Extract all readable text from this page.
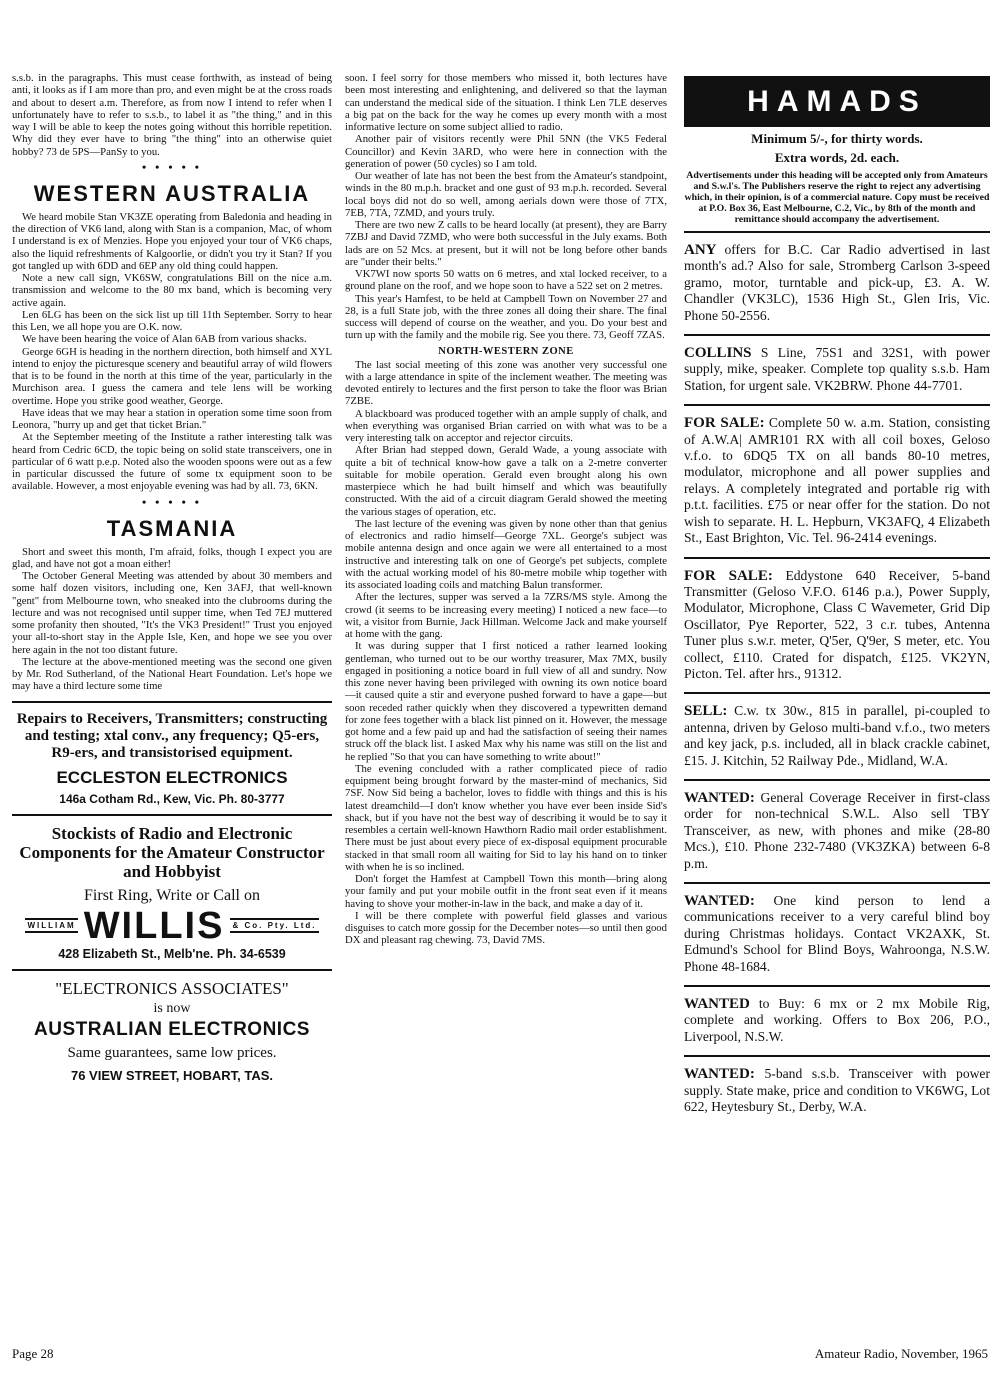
s.s.b. in the paragraphs. This must cease forthwith, as instead of being anti, it looks as if I am more than pro, and even might be at the cross roads and about to desert a.m. Therefore, as from now I intend to refer when I unfortunately have to refer to s.s.b., to label it as "the thing," and in this way I will be able to keep the notes going without this horrible repetition. Why did they ever have to bring "the thing" into an otherwise quiet hobby? 73 de 5PS—PanSy to you.

• • • • •
WESTERN AUSTRALIA

We heard mobile Stan VK3ZE operating from Baledonia and heading in the direction of VK6 land, along with Stan is a companion, Mac, of whom I understand is ex of Menzies. Hope you enjoyed your tour of VK6 chaps, also the liquid refreshments of Kalgoorlie, or didn't you try it Stan? If you got tangled up with 6DD and 6EP any old thing could happen.

Note a new call sign, VK6SW, congratulations Bill on the nice a.m. transmission and welcome to the 80 mx band, which is becoming very active again.

Len 6LG has been on the sick list up till 11th September. Sorry to hear this Len, we all hope you are O.K. now.

We have been hearing the voice of Alan 6AB from various shacks.

George 6GH is heading in the northern direction, both himself and XYL intend to enjoy the picturesque scenery and beautiful array of wild flowers that is to be found in the north at this time of the year, particularly in the Murchison area. I guess the camera and tele lens will be working overtime. Hope you strike good weather, George.

Have ideas that we may hear a station in operation some time soon from Leonora, "hurry up and get that ticket Brian."

At the September meeting of the Institute a rather interesting talk was heard from Cedric 6CD, the topic being on solid state transceivers, one in particular of 6 watt p.e.p. Noted also the wooden spoons were out as a few in particular discussed the future of some tx equipment soon to be available. However, a most enjoyable evening was had by all. 73, 6KN.

• • • • •
TASMANIA

Short and sweet this month, I'm afraid, folks, though I expect you are glad, and have not got a moan either!

The October General Meeting was attended by about 30 members and some half dozen visitors, including one, Ken 3AFJ, that well-known "gent" from Melbourne town, who sneaked into the clubrooms during the lecture and was not recognised until supper time, when Ted 7EJ muttered some profanity then shouted, "It's the VK3 President!" Trust you enjoyed your all-to-short stay in the Apple Isle, Ken, and hope we see you over here again in the not too distant future.

The lecture at the above-mentioned meeting was the second one given by Mr. Rod Sutherland, of the National Heart Foundation. Let's hope we may have a third lecture some time

Repairs to Receivers, Transmitters; constructing and testing; xtal conv., any frequency; Q5-ers, R9-ers, and transistorised equipment.
ECCLESTON ELECTRONICS
146a Cotham Rd., Kew, Vic. Ph. 80-3777
Stockists of Radio and Electronic Components for the Amateur Constructor and Hobbyist
First Ring, Write or Call on
WILLIAM WILLIS & Co. Pty. Ltd.
428 Elizabeth St., Melb'ne. Ph. 34-6539
"ELECTRONICS ASSOCIATES"
is now
AUSTRALIAN ELECTRONICS
Same guarantees, same low prices.
76 VIEW STREET, HOBART, TAS.

soon. I feel sorry for those members who missed it, both lectures have been most interesting and enlightening, and delivered so that the layman can understand the medical side of the situation. I think Len 7LE deserves a big pat on the back for the way he comes up every month with a most informative lecture on some subject allied to radio.

Another pair of visitors recently were Phil 5NN (the VK5 Federal Councillor) and Kevin 3ARD, who were here in connection with the generation of power (50 cycles) so I am told.

Our weather of late has not been the best from the Amateur's standpoint, winds in the 80 m.p.h. bracket and one gust of 93 m.p.h. recorded. Several local boys did not do so well, among aerials down were those of 7TX, 7EB, 7TA, 7ZMD, and yours truly.

There are two new Z calls to be heard locally (at present), they are Barry 7ZBJ and David 7ZMD, who were both successful in the July exams. Both lads are on 52 Mcs. at present, but it will not be long before other bands are "under their belts."

VK7WI now sports 50 watts on 6 metres, and xtal locked receiver, to a ground plane on the roof, and we hope soon to have a 522 set on 2 metres.

This year's Hamfest, to be held at Campbell Town on November 27 and 28, is a full State job, with the three zones all doing their share. The final success will depend of course on the weather, and you. Do your best and turn up with the family and the mobile rig. See you there. 73, Geoff 7ZAS.

NORTH-WESTERN ZONE

The last social meeting of this zone was another very successful one with a large attendance in spite of the inclement weather. The meeting was devoted entirely to lectures and the first person to take the floor was Brian 7ZBE.

A blackboard was produced together with an ample supply of chalk, and when everything was organised Brian carried on with what was to be a very interesting talk on acceptor and rejector circuits.

After Brian had stepped down, Gerald Wade, a young associate with quite a bit of technical know-how gave a talk on a 2-metre converter suitable for mobile operation. Gerald even brought along his own masterpiece which he had built himself and which was beautifully constructed. With the aid of a circuit diagram Gerald showed the meeting the various stages of operation, etc.

The last lecture of the evening was given by none other than that genius of electronics and radio himself—George 7XL. George's subject was mobile antenna design and once again we were all entertained to a most instructive and interesting talk on one of George's pet subjects, complete with the actual working model of his 80-metre mobile whip together with its associated loading coils and matching Balun transformer.

After the lectures, supper was served a la 7ZRS/MS style. Among the crowd (it seems to be increasing every meeting) I noticed a new face—to wit, a visitor from Burnie, Jack Hillman. Welcome Jack and make yourself at home with the gang.

It was during supper that I first noticed a rather learned looking gentleman, who turned out to be our worthy treasurer, Max 7MX, busily engaged in positioning a notice board in full view of all and sundry. Now this zone never having been privileged with owning its own notice board—it caused quite a stir and everyone pushed forward to have a gape—but soon receded rather quickly when they discovered a typewritten demand for zone fees together with a black list pinned on it. However, the message got home and a few paid up and had the satisfaction of seeing their names struck off the black list. I asked Max why his name was still on the list and he replied "So that you can have something to write about!"

The evening concluded with a rather complicated piece of radio equipment being brought forward by the master-mind of mechanics, Sid 7SF. Now Sid being a bachelor, loves to fiddle with things and this is his latest dreamchild—I don't know whether you have ever been inside Sid's shack, but if you have not the best way of describing it would be to say it resembles a certain well-known Hawthorn Radio mail order establishment. There must be just about every piece of ex-disposal equipment procurable stacked in that small room all waiting for Sid to lay his hand on to tinker with when he is so inclined.

Don't forget the Hamfest at Campbell Town this month—bring along your family and put your mobile outfit in the front seat even if it means having to shove your mother-in-law in the back, and make a day of it.

I will be there complete with powerful field glasses and various disguises to catch more gossip for the December notes—so until then good DX and pleasant rag chewing. 73, David 7MS.

HAMADS
Minimum 5/-, for thirty words.
Extra words, 2d. each.
Advertisements under this heading will be accepted only from Amateurs and S.w.l's. The Publishers reserve the right to reject any advertising which, in their opinion, is of a commercial nature. Copy must be received at P.O. Box 36, East Melbourne, C.2, Vic., by 8th of the month and remittance should accompany the advertisement.
ANY offers for B.C. Car Radio advertised in last month's ad.? Also for sale, Stromberg Carlson 3-speed gramo, motor, turntable and pick-up, £3. A. W. Chandler (VK3LC), 1536 High St., Glen Iris, Vic. Phone 50-2556.
COLLINS S Line, 75S1 and 32S1, with power supply, mike, speaker. Complete top quality s.s.b. Ham Station, for urgent sale. VK2BRW. Phone 44-7701.
FOR SALE: Complete 50 w. a.m. Station, consisting of A.W.A| AMR101 RX with all coil boxes, Geloso v.f.o. to 6DQ5 TX on all bands 80-10 metres, modulator, microphone and all power supplies and relays. A completely integrated and portable rig with p.t.t. facilities. £75 or near offer for the station. Do not wish to separate. H. L. Hepburn, VK3AFQ, 4 Elizabeth St., East Brighton, Vic. Tel. 96-2414 evenings.
FOR SALE: Eddystone 640 Receiver, 5-band Transmitter (Geloso V.F.O. 6146 p.a.), Power Supply, Modulator, Microphone, Class C Wavemeter, Grid Dip Oscillator, Pye Reporter, 522, 3 c.r. tubes, Antenna Tuner plus s.w.r. meter, Q'5er, Q'9er, S meter, etc. You collect, £110. Crated for dispatch, £125. VK2YN, Picton. Tel. after hrs., 91312.
SELL: C.w. tx 30w., 815 in parallel, pi-coupled to antenna, driven by Geloso multi-band v.f.o., two meters and key jack, p.s. included, all in black crackle cabinet, £15. J. Kitchin, 52 Railway Pde., Midland, W.A.
WANTED: General Coverage Receiver in first-class order for non-technical S.W.L. Also sell TBY Transceiver, as new, with phones and mike (28-80 Mcs.), £10. Phone 232-7480 (VK3ZKA) between 6-8 p.m.
WANTED: One kind person to lend a communications receiver to a very careful blind boy during Christmas holidays. Contact VK2AXK, St. Edmund's School for Blind Boys, Wahroonga, N.S.W. Phone 48-1684.
WANTED to Buy: 6 mx or 2 mx Mobile Rig, complete and working. Offers to Box 206, P.O., Liverpool, N.S.W.
WANTED: 5-band s.s.b. Transceiver with power supply. State make, price and condition to VK6WG, Lot 622, Heytesbury St., Derby, W.A.
Page 28	Amateur Radio, November, 1965
